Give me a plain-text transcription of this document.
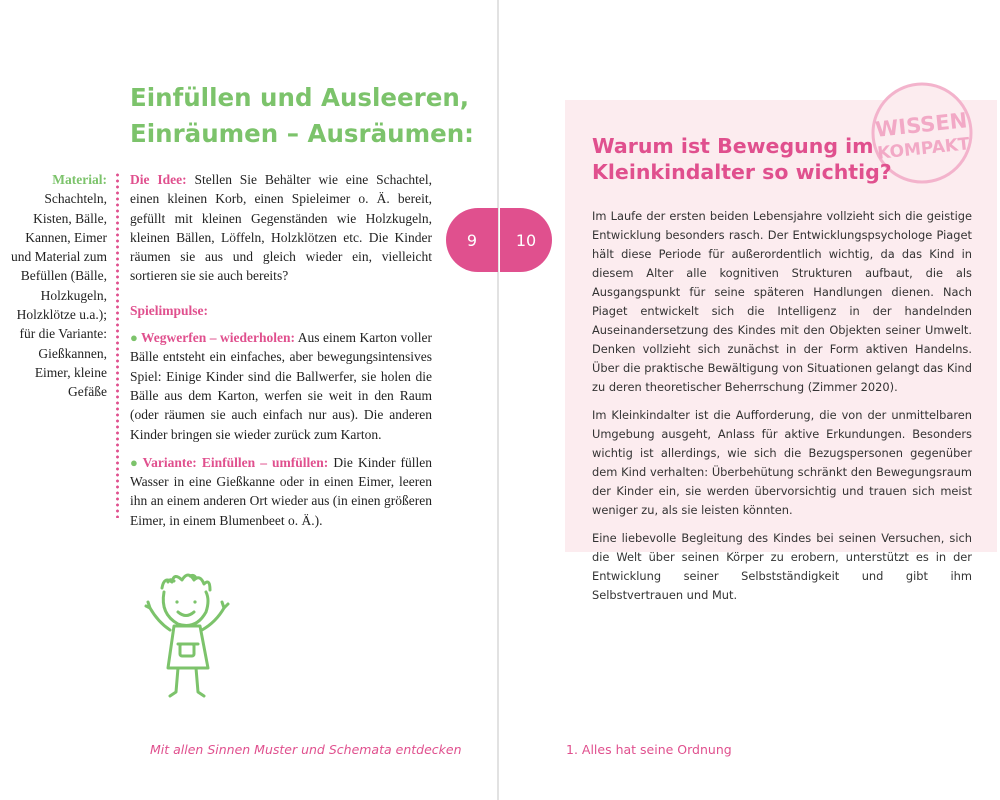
Einfüllen und Ausleeren,
Einräumen – Ausräumen:
Material:
Schachteln,
Kisten, Bälle,
Kannen, Eimer
und Material zum
Befüllen (Bälle,
Holzkugeln,
Holzklötze u.a.);
für die Variante:
Gießkannen,
Eimer, kleine
Gefäße

Die Idee: Stellen Sie Behälter wie eine Schachtel, einen kleinen Korb, einen Spieleimer o. Ä. bereit, gefüllt mit kleinen Gegenständen wie Holzkugeln, kleinen Bällen, Löffeln, Holzklötzen etc. Die Kinder räumen sie aus und gleich wieder ein, vielleicht sortieren sie sie auch bereits?

Spielimpulse:

● Wegwerfen – wiederholen: Aus einem Karton voller Bälle entsteht ein einfaches, aber bewegungsintensives Spiel: Einige Kinder sind die Ballwerfer, sie holen die Bälle aus dem Karton, werfen sie weit in den Raum (oder räumen sie auch einfach nur aus). Die anderen Kinder bringen sie wieder zurück zum Karton.

● Variante: Einfüllen – umfüllen: Die Kinder füllen Wasser in eine Gießkanne oder in einen Eimer, leeren ihn an einem anderen Ort wieder aus (in einen größeren Eimer, in einem Blumenbeet o. Ä.).

9	10
Mit allen Sinnen Muster und Schemata entdecken	1. Alles hat seine Ordnung
WISSEN
KOMPAKT
Warum ist Bewegung im
Kleinkindalter so wichtig?

Im Laufe der ersten beiden Lebensjahre vollzieht sich die geistige Entwicklung besonders rasch. Der Entwicklungspsychologe Piaget hält diese Periode für außerordentlich wichtig, da das Kind in diesem Alter alle kognitiven Strukturen aufbaut, die als Ausgangspunkt für seine späteren Handlungen dienen. Nach Piaget entwickelt sich die Intelligenz in der handelnden Auseinandersetzung des Kindes mit den Objekten seiner Umwelt. Denken vollzieht sich zunächst in der Form aktiven Handelns. Über die praktische Bewältigung von Situationen gelangt das Kind zu deren theoretischer Beherrschung (Zimmer 2020).

Im Kleinkindalter ist die Aufforderung, die von der unmittelbaren Umgebung ausgeht, Anlass für aktive Erkundungen. Besonders wichtig ist allerdings, wie sich die Bezugspersonen gegenüber dem Kind verhalten: Überbehütung schränkt den Bewegungsraum der Kinder ein, sie werden übervorsichtig und trauen sich meist weniger zu, als sie leisten könnten.

Eine liebevolle Begleitung des Kindes bei seinen Versuchen, sich die Welt über seinen Körper zu erobern, unterstützt es in der Entwicklung seiner Selbstständigkeit und gibt ihm Selbstvertrauen und Mut.
